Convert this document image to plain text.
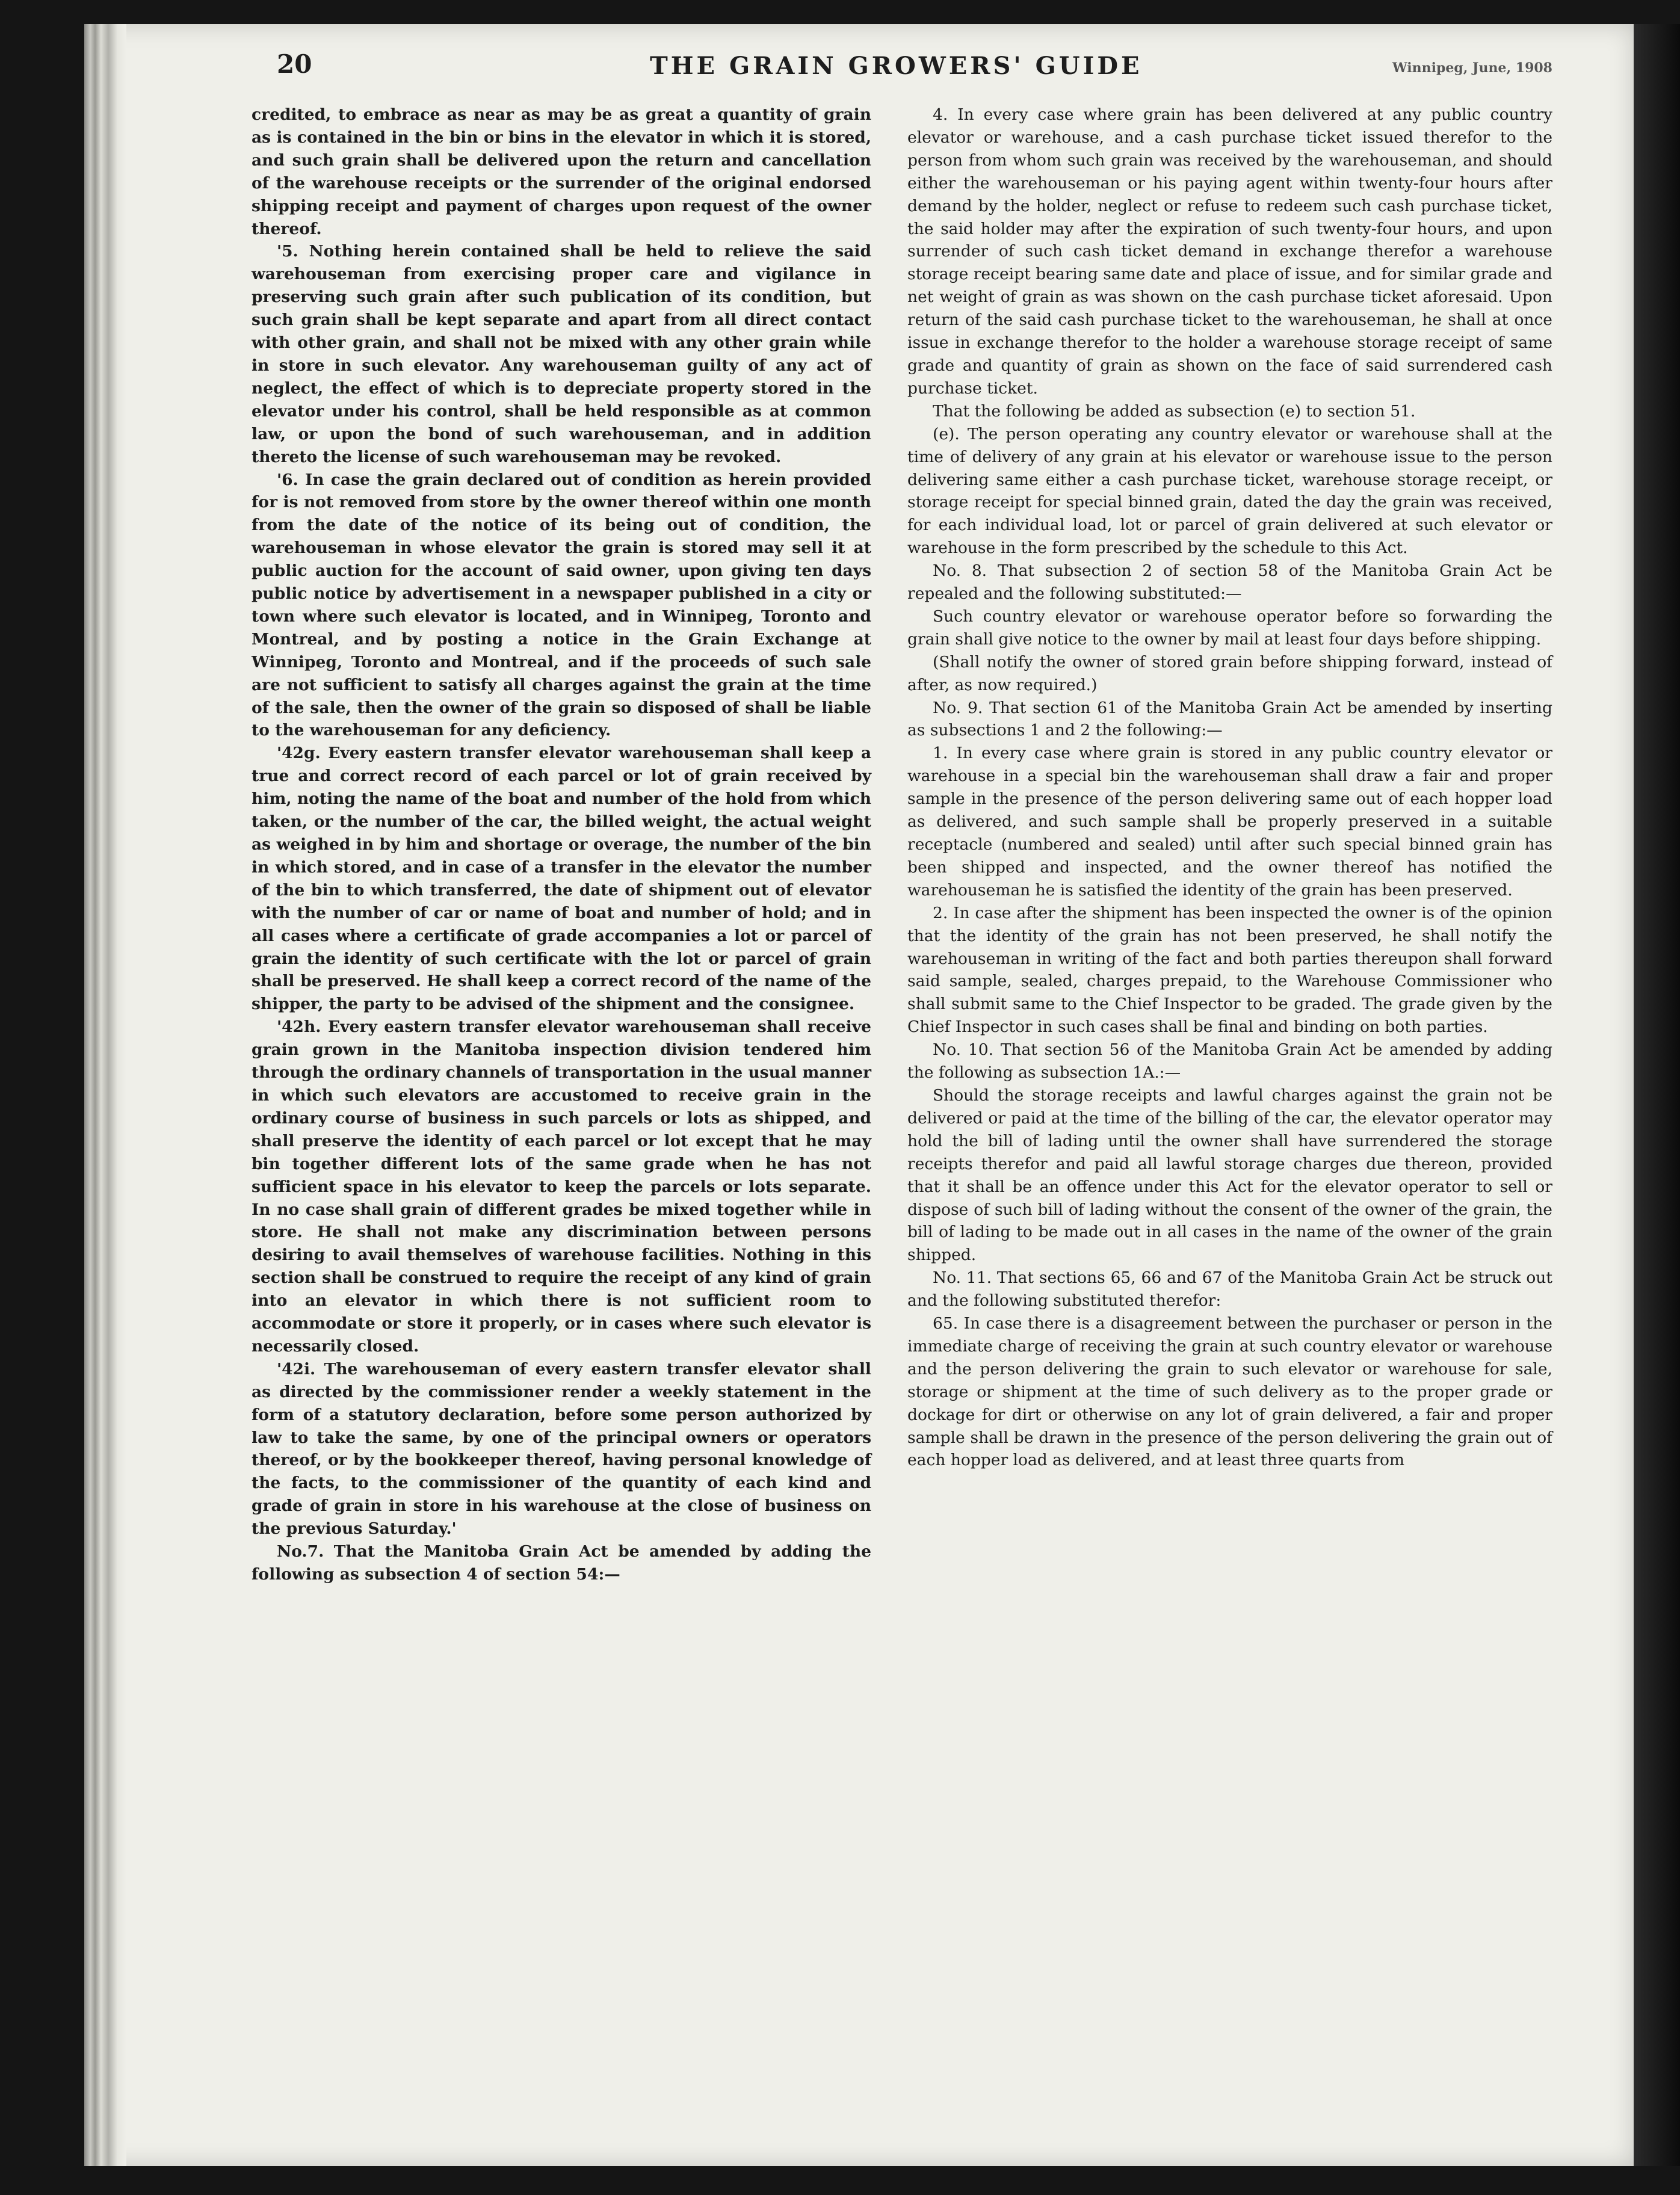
20	THE GRAIN GROWERS' GUIDE	Winnipeg, June, 1908

credited, to embrace as near as may be as great a quantity of grain as is contained in the bin or bins in the elevator in which it is stored, and such grain shall be delivered upon the return and cancellation of the warehouse receipts or the surrender of the original endorsed shipping receipt and payment of charges upon request of the owner thereof.

'5. Nothing herein contained shall be held to relieve the said warehouseman from exercising proper care and vigilance in preserving such grain after such publication of its condition, but such grain shall be kept separate and apart from all direct contact with other grain, and shall not be mixed with any other grain while in store in such elevator. Any warehouseman guilty of any act of neglect, the effect of which is to depreciate property stored in the elevator under his control, shall be held responsible as at common law, or upon the bond of such warehouseman, and in addition thereto the license of such warehouseman may be revoked.

'6. In case the grain declared out of condition as herein provided for is not removed from store by the owner thereof within one month from the date of the notice of its being out of condition, the warehouseman in whose elevator the grain is stored may sell it at public auction for the account of said owner, upon giving ten days public notice by advertisement in a newspaper published in a city or town where such elevator is located, and in Winnipeg, Toronto and Montreal, and by posting a notice in the Grain Exchange at Winnipeg, Toronto and Montreal, and if the proceeds of such sale are not sufficient to satisfy all charges against the grain at the time of the sale, then the owner of the grain so disposed of shall be liable to the warehouseman for any deficiency.

'42g. Every eastern transfer elevator warehouseman shall keep a true and correct record of each parcel or lot of grain received by him, noting the name of the boat and number of the hold from which taken, or the number of the car, the billed weight, the actual weight as weighed in by him and shortage or overage, the number of the bin in which stored, and in case of a transfer in the elevator the number of the bin to which transferred, the date of shipment out of elevator with the number of car or name of boat and number of hold; and in all cases where a certificate of grade accompanies a lot or parcel of grain the identity of such certificate with the lot or parcel of grain shall be preserved. He shall keep a correct record of the name of the shipper, the party to be advised of the shipment and the consignee.

'42h. Every eastern transfer elevator warehouseman shall receive grain grown in the Manitoba inspection division tendered him through the ordinary channels of transportation in the usual manner in which such elevators are accustomed to receive grain in the ordinary course of business in such parcels or lots as shipped, and shall preserve the identity of each parcel or lot except that he may bin together different lots of the same grade when he has not sufficient space in his elevator to keep the parcels or lots separate. In no case shall grain of different grades be mixed together while in store. He shall not make any discrimination between persons desiring to avail themselves of warehouse facilities. Nothing in this section shall be construed to require the receipt of any kind of grain into an elevator in which there is not sufficient room to accommodate or store it properly, or in cases where such elevator is necessarily closed.

'42i. The warehouseman of every eastern transfer elevator shall as directed by the commissioner render a weekly statement in the form of a statutory declaration, before some person authorized by law to take the same, by one of the principal owners or operators thereof, or by the bookkeeper thereof, having personal knowledge of the facts, to the commissioner of the quantity of each kind and grade of grain in store in his warehouse at the close of business on the previous Saturday.'

No.7. That the Manitoba Grain Act be amended by adding the following as subsection 4 of section 54:—

4. In every case where grain has been delivered at any public country elevator or warehouse, and a cash purchase ticket issued therefor to the person from whom such grain was received by the warehouseman, and should either the warehouseman or his paying agent within twenty-four hours after demand by the holder, neglect or refuse to redeem such cash purchase ticket, the said holder may after the expiration of such twenty-four hours, and upon surrender of such cash ticket demand in exchange therefor a warehouse storage receipt bearing same date and place of issue, and for similar grade and net weight of grain as was shown on the cash purchase ticket aforesaid. Upon return of the said cash purchase ticket to the warehouseman, he shall at once issue in exchange therefor to the holder a warehouse storage receipt of same grade and quantity of grain as shown on the face of said surrendered cash purchase ticket.

That the following be added as subsection (e) to section 51.

(e). The person operating any country elevator or warehouse shall at the time of delivery of any grain at his elevator or warehouse issue to the person delivering same either a cash purchase ticket, warehouse storage receipt, or storage receipt for special binned grain, dated the day the grain was received, for each individual load, lot or parcel of grain delivered at such elevator or warehouse in the form prescribed by the schedule to this Act.

No. 8. That subsection 2 of section 58 of the Manitoba Grain Act be repealed and the following substituted:—

Such country elevator or warehouse operator before so forwarding the grain shall give notice to the owner by mail at least four days before shipping.

(Shall notify the owner of stored grain before shipping forward, instead of after, as now required.)

No. 9. That section 61 of the Manitoba Grain Act be amended by inserting as subsections 1 and 2 the following:—

1. In every case where grain is stored in any public country elevator or warehouse in a special bin the warehouseman shall draw a fair and proper sample in the presence of the person delivering same out of each hopper load as delivered, and such sample shall be properly preserved in a suitable receptacle (numbered and sealed) until after such special binned grain has been shipped and inspected, and the owner thereof has notified the warehouseman he is satisfied the identity of the grain has been preserved.

2. In case after the shipment has been inspected the owner is of the opinion that the identity of the grain has not been preserved, he shall notify the warehouseman in writing of the fact and both parties thereupon shall forward said sample, sealed, charges prepaid, to the Warehouse Commissioner who shall submit same to the Chief Inspector to be graded. The grade given by the Chief Inspector in such cases shall be final and binding on both parties.

No. 10. That section 56 of the Manitoba Grain Act be amended by adding the following as subsection 1A.:—

Should the storage receipts and lawful charges against the grain not be delivered or paid at the time of the billing of the car, the elevator operator may hold the bill of lading until the owner shall have surrendered the storage receipts therefor and paid all lawful storage charges due thereon, provided that it shall be an offence under this Act for the elevator operator to sell or dispose of such bill of lading without the consent of the owner of the grain, the bill of lading to be made out in all cases in the name of the owner of the grain shipped.

No. 11. That sections 65, 66 and 67 of the Manitoba Grain Act be struck out and the following substituted therefor:

65. In case there is a disagreement between the purchaser or person in the immediate charge of receiving the grain at such country elevator or warehouse and the person delivering the grain to such elevator or warehouse for sale, storage or shipment at the time of such delivery as to the proper grade or dockage for dirt or otherwise on any lot of grain delivered, a fair and proper sample shall be drawn in the presence of the person delivering the grain out of each hopper load as delivered, and at least three quarts from
